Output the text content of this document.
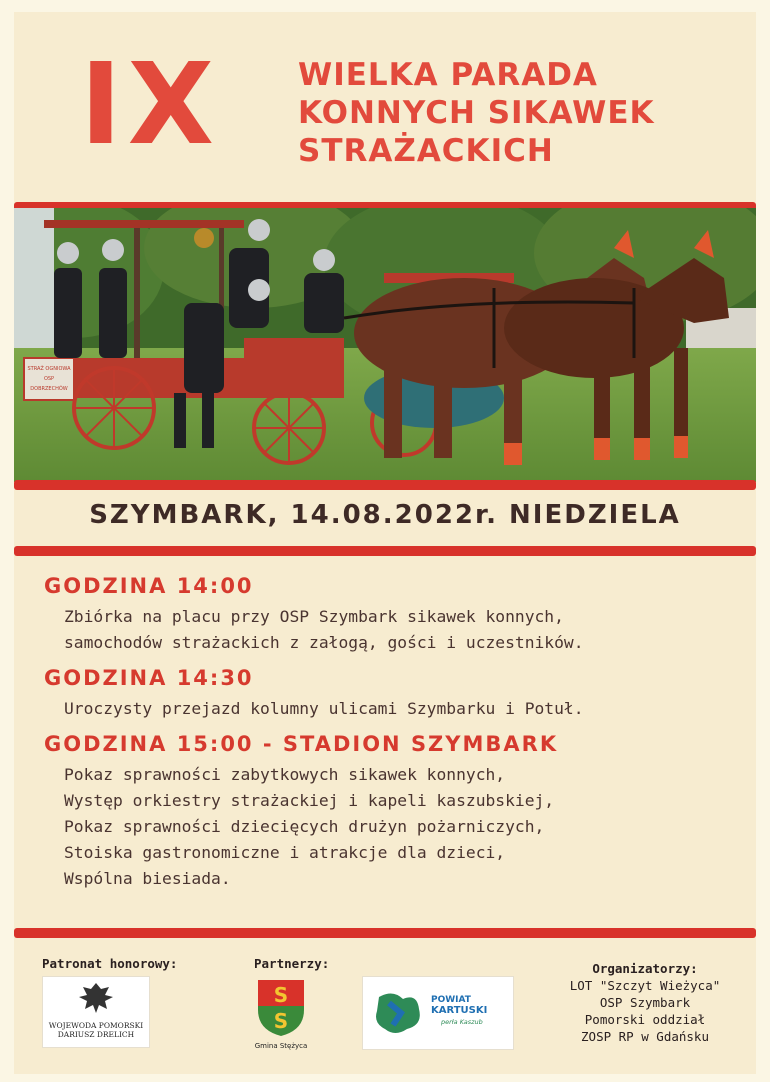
IX	WIELKA PARADA
KONNYCH SIKAWEK
STRAŻACKICH
STRAŻ OGNIOWA
OSP
DOBRZECHÓW
SZYMBARK, 14.08.2022r. NIEDZIELA
GODZINA 14:00
Zbiórka na placu przy OSP Szymbark sikawek konnych,
samochodów strażackich z załogą, gości i uczestników.
GODZINA 14:30
Uroczysty przejazd kolumny ulicami Szymbarku i Potuł.
GODZINA 15:00 - STADION SZYMBARK
Pokaz sprawności zabytkowych sikawek konnych,
Występ orkiestry strażackiej i kapeli kaszubskiej,
Pokaz sprawności dziecięcych drużyn pożarniczych,
Stoiska gastronomiczne i atrakcje dla dzieci,
Wspólna biesiada.
Patronat honorowy:
WOJEWODA POMORSKI
DARIUSZ DRELICH
Partnerzy:
S
S
Gmina Stężyca
POWIAT
KARTUSKI
perła Kaszub
Organizatorzy:
LOT "Szczyt Wieżyca"
OSP Szymbark
Pomorski oddział
ZOSP RP w Gdańsku
